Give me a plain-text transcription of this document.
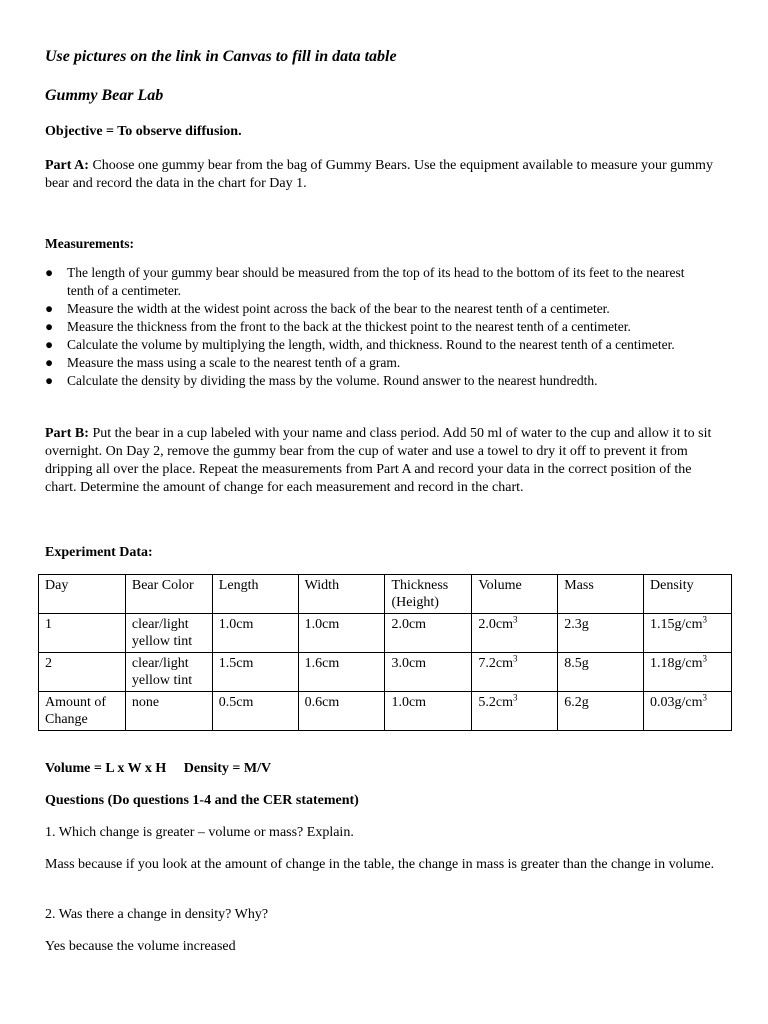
Use pictures on the link in Canvas to fill in data table
Gummy Bear Lab
Objective = To observe diffusion.
Part A: Choose one gummy bear from the bag of Gummy Bears. Use the equipment available to measure your gummy bear and record the data in the chart for Day 1.
Measurements:
● The length of your gummy bear should be measured from the top of its head to the bottom of its feet to the nearest tenth of a centimeter.
● Measure the width at the widest point across the back of the bear to the nearest tenth of a centimeter.
● Measure the thickness from the front to the back at the thickest point to the nearest tenth of a centimeter.
● Calculate the volume by multiplying the length, width, and thickness. Round to the nearest tenth of a centimeter.
● Measure the mass using a scale to the nearest tenth of a gram.
● Calculate the density by dividing the mass by the volume. Round answer to the nearest hundredth.
Part B: Put the bear in a cup labeled with your name and class period. Add 50 ml of water to the cup and allow it to sit overnight. On Day 2, remove the gummy bear from the cup of water and use a towel to dry it off to prevent it from dripping all over the place. Repeat the measurements from Part A and record your data in the correct position of the chart. Determine the amount of change for each measurement and record in the chart.
Experiment Data:
Day	Bear Color	Length	Width	Thickness (Height)	Volume	Mass	Density
1	clear/light yellow tint	1.0cm	1.0cm	2.0cm	$2.0cm^3$	2.3g	$1.15g/cm^3$
2	clear/light yellow tint	1.5cm	1.6cm	3.0cm	$7.2cm^3$	8.5g	$1.18g/cm^3$
Amount of Change	none	0.5cm	0.6cm	1.0cm	$5.2cm^3$	6.2g	$0.03g/cm^3$
Volume = L x W x H     Density = M/V
Questions (Do questions 1-4 and the CER statement)
1. Which change is greater – volume or mass? Explain.
Mass because if you look at the amount of change in the table, the change in mass is greater than the change in volume.
2. Was there a change in density? Why?
Yes because the volume increased
